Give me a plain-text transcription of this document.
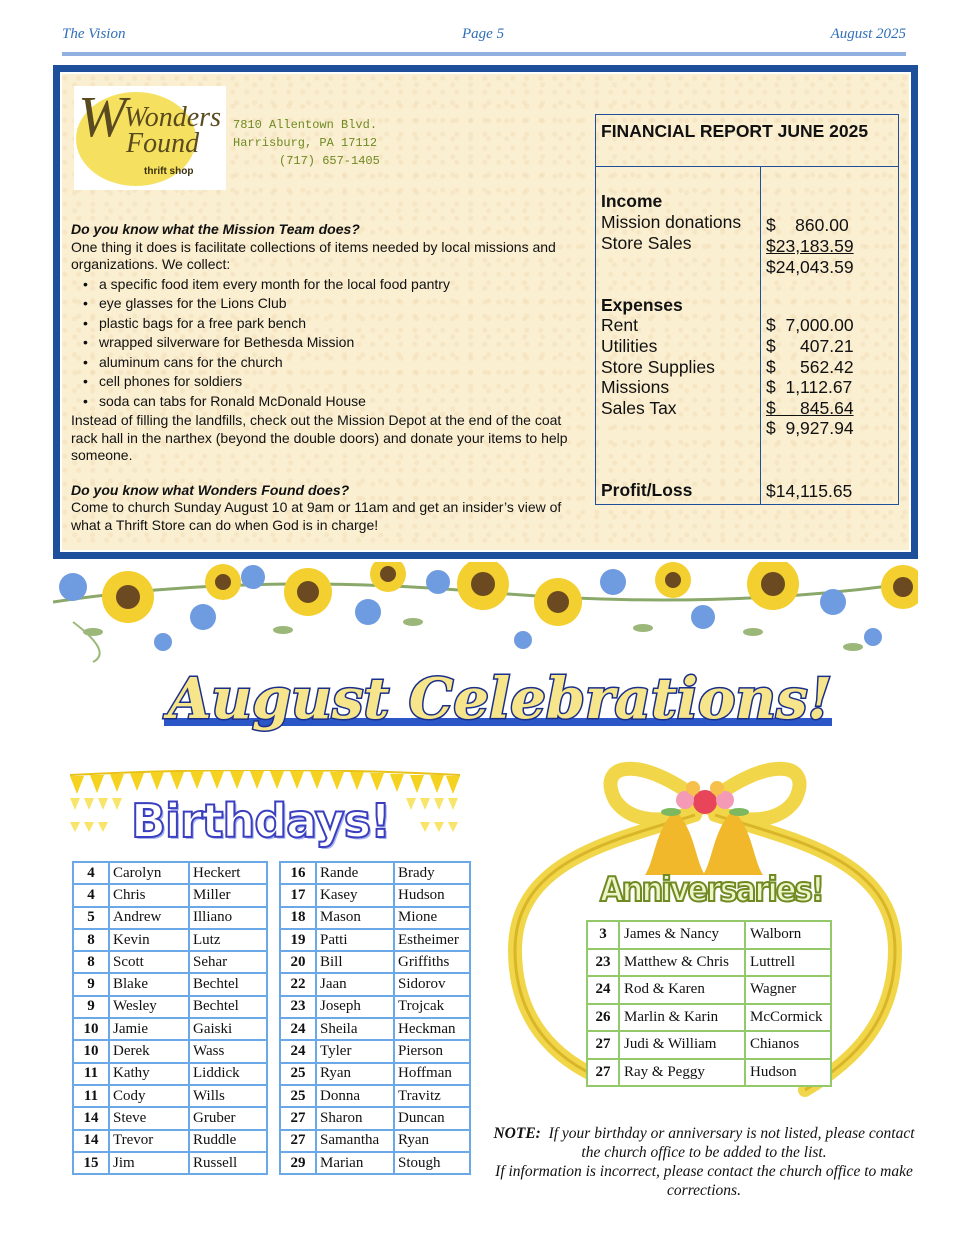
The Vision	Page 5	August 2025
W
Wonders
Found
thrift shop
7810 Allentown Blvd.
Harrisburg, PA 17112
(717) 657-1405
Do you know what the Mission Team does?
One thing it does is facilitate collections of items needed by local missions and organizations. We collect:
• a specific food item every month for the local food pantry
• eye glasses for the Lions Club
• plastic bags for a free park bench
• wrapped silverware for Bethesda Mission
• aluminum cans for the church
• cell phones for soldiers
• soda can tabs for Ronald McDonald House
Instead of filling the landfills, check out the Mission Depot at the end of the coat rack hall in the narthex (beyond the double doors) and donate your items to help someone.
Do you know what Wonders Found does?
Come to church Sunday August 10 at 9am or 11am and get an insider’s view of what a Thrift Store can do when God is in charge!
FINANCIAL REPORT JUNE 2025
Income
Mission donations $    860.00
Store Sales	$23,183.59
$24,043.59
Expenses
Rent	$  7,000.00
Utilities	$     407.21
Store Supplies	$     562.42
Missions	$  1,112.67
Sales Tax	$     845.64
$  9,927.94
Profit/Loss	$14,115.65
August Celebrations!
Birthdays!
4	Carolyn	Heckert
4	Chris	Miller
5	Andrew	Illiano
8	Kevin	Lutz
8	Scott	Sehar
9	Blake	Bechtel
9	Wesley	Bechtel
10	Jamie	Gaiski
10	Derek	Wass
11	Kathy	Liddick
11	Cody	Wills
14	Steve	Gruber
14	Trevor	Ruddle
15	Jim	Russell
16	Rande	Brady
17	Kasey	Hudson
18	Mason	Mione
19	Patti	Estheimer
20	Bill	Griffiths
22	Jaan	Sidorov
23	Joseph	Trojcak
24	Sheila	Heckman
24	Tyler	Pierson
25	Ryan	Hoffman
25	Donna	Travitz
27	Sharon	Duncan
27	Samantha	Ryan
29	Marian	Stough
Anniversaries!
3	James & Nancy	Walborn
23	Matthew & Chris	Luttrell
24	Rod & Karen	Wagner
26	Marlin & Karin	McCormick
27	Judi & William	Chianos
27	Ray & Peggy	Hudson
NOTE: If your birthday or anniversary is not listed, please contact the church office to be added to the list.
If information is incorrect, please contact the church office to make corrections.
